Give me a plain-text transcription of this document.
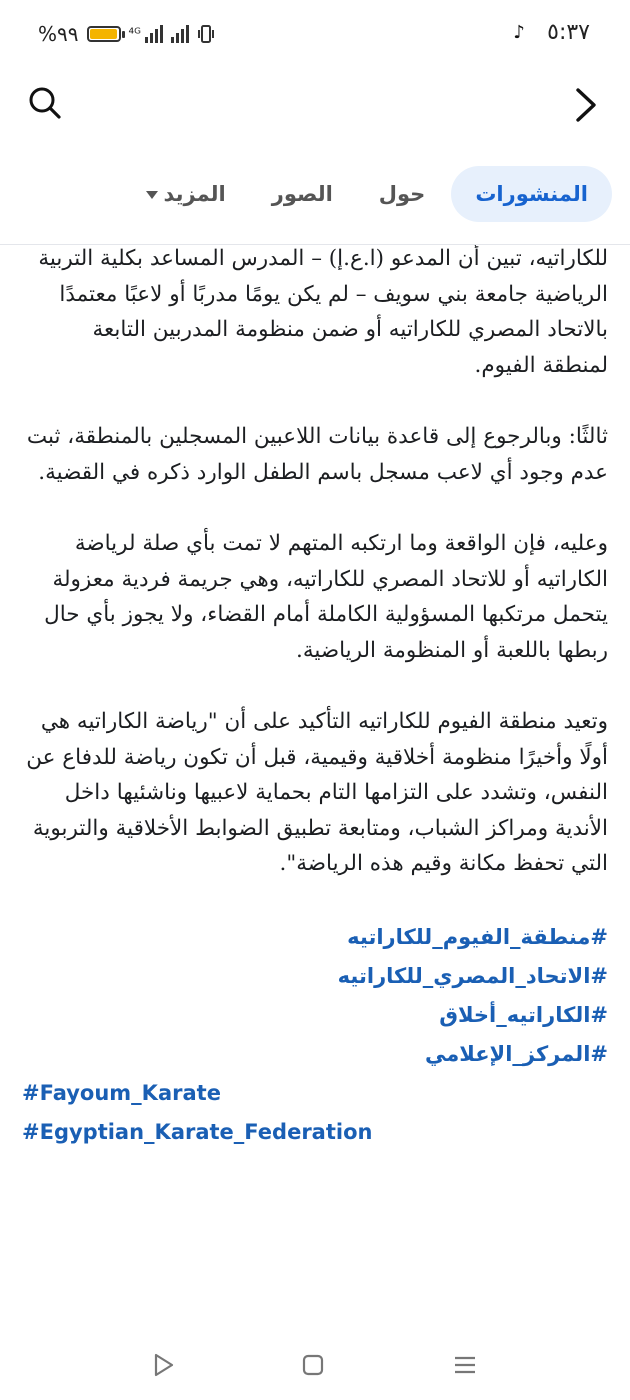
%٩٩	⁴ᴳ	♪ ٥:٣٧
المنشورات
حول
الصور
المزيد

للكاراتيه، تبين أن المدعو (ا.ع.إ) – المدرس المساعد بكلية التربية الرياضية جامعة بني سويف – لم يكن يومًا مدربًا أو لاعبًا معتمدًا بالاتحاد المصري للكاراتيه أو ضمن منظومة المدربين التابعة لمنطقة الفيوم.

ثالثًا: وبالرجوع إلى قاعدة بيانات اللاعبين المسجلين بالمنطقة، ثبت عدم وجود أي لاعب مسجل باسم الطفل الوارد ذكره في القضية.

وعليه، فإن الواقعة وما ارتكبه المتهم لا تمت بأي صلة لرياضة الكاراتيه أو للاتحاد المصري للكاراتيه، وهي جريمة فردية معزولة يتحمل مرتكبها المسؤولية الكاملة أمام القضاء، ولا يجوز بأي حال ربطها باللعبة أو المنظومة الرياضية.

وتعيد منطقة الفيوم للكاراتيه التأكيد على أن "رياضة الكاراتيه هي أولًا وأخيرًا منظومة أخلاقية وقيمية، قبل أن تكون رياضة للدفاع عن النفس، وتشدد على التزامها التام بحماية لاعبيها وناشئيها داخل الأندية ومراكز الشباب، ومتابعة تطبيق الضوابط الأخلاقية والتربوية التي تحفظ مكانة وقيم هذه الرياضة".

#منطقة_الفيوم_للكاراتيه
#الاتحاد_المصري_للكاراتيه
#الكاراتيه_أخلاق
#المركز_الإعلامي
#Fayoum_Karate
#Egyptian_Karate_Federation
